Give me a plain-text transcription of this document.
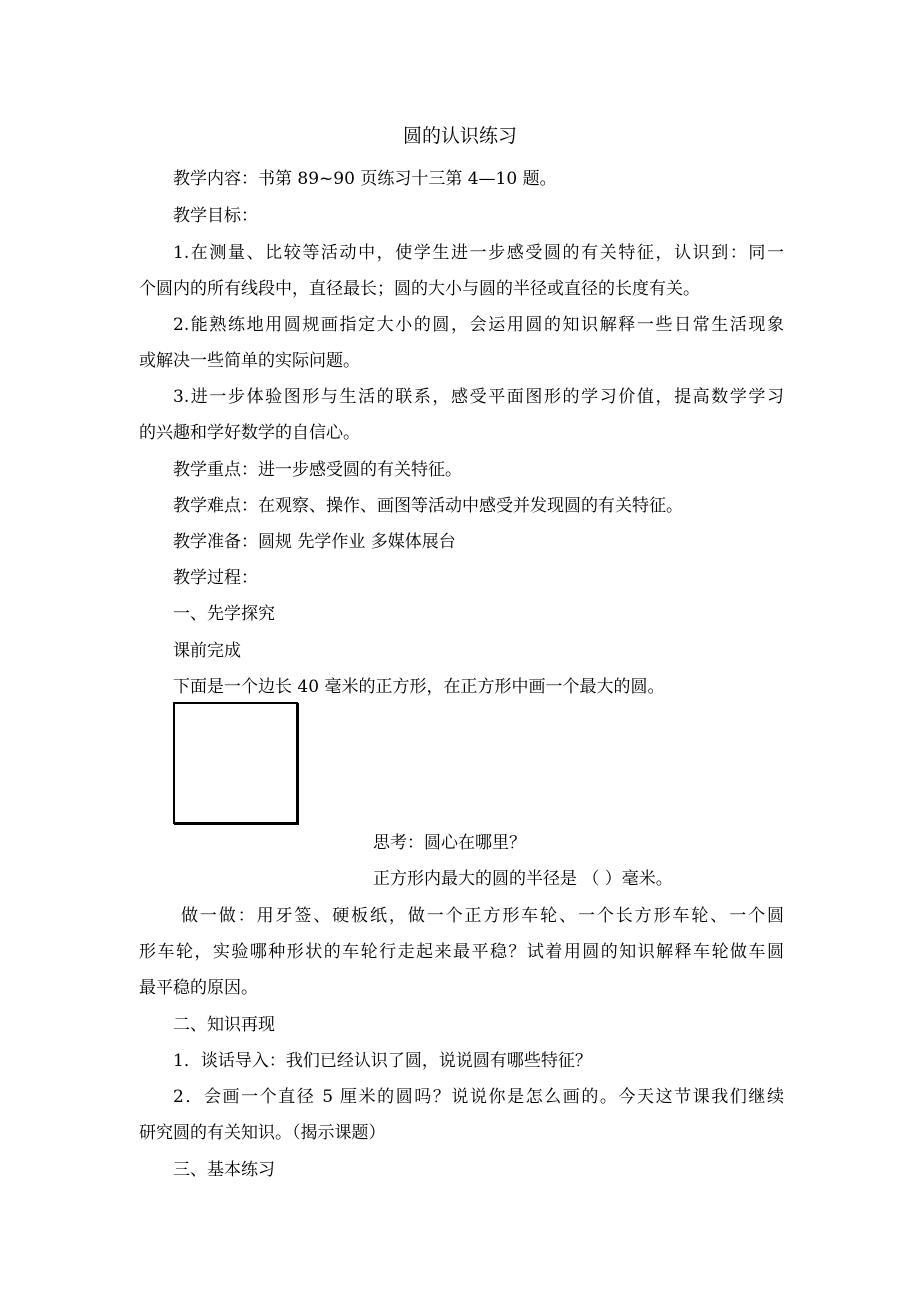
圆的认识练习
教学内容：书第 89~90 页练习十三第 4—10 题。
教学目标：
1.在测量、比较等活动中，使学生进一步感受圆的有关特征，认识到：同一
个圆内的所有线段中，直径最长；圆的大小与圆的半径或直径的长度有关。
2.能熟练地用圆规画指定大小的圆，会运用圆的知识解释一些日常生活现象
或解决一些简单的实际问题。
3.进一步体验图形与生活的联系，感受平面图形的学习价值，提高数学学习
的兴趣和学好数学的自信心。
教学重点：进一步感受圆的有关特征。
教学难点：在观察、操作、画图等活动中感受并发现圆的有关特征。
教学准备：圆规 先学作业 多媒体展台
教学过程：
一、先学探究
课前完成
下面是一个边长 40 毫米的正方形，在正方形中画一个最大的圆。
思考：圆心在哪里？
正方形内最大的圆的半径是 （ ）毫米。
做一做：用牙签、硬板纸，做一个正方形车轮、一个长方形车轮、一个圆
形车轮，实验哪种形状的车轮行走起来最平稳？试着用圆的知识解释车轮做车圆
最平稳的原因。
二、知识再现
1．谈话导入：我们已经认识了圆，说说圆有哪些特征？
2．会画一个直径 5 厘米的圆吗？说说你是怎么画的。今天这节课我们继续
研究圆的有关知识。（揭示课题）
三、基本练习
